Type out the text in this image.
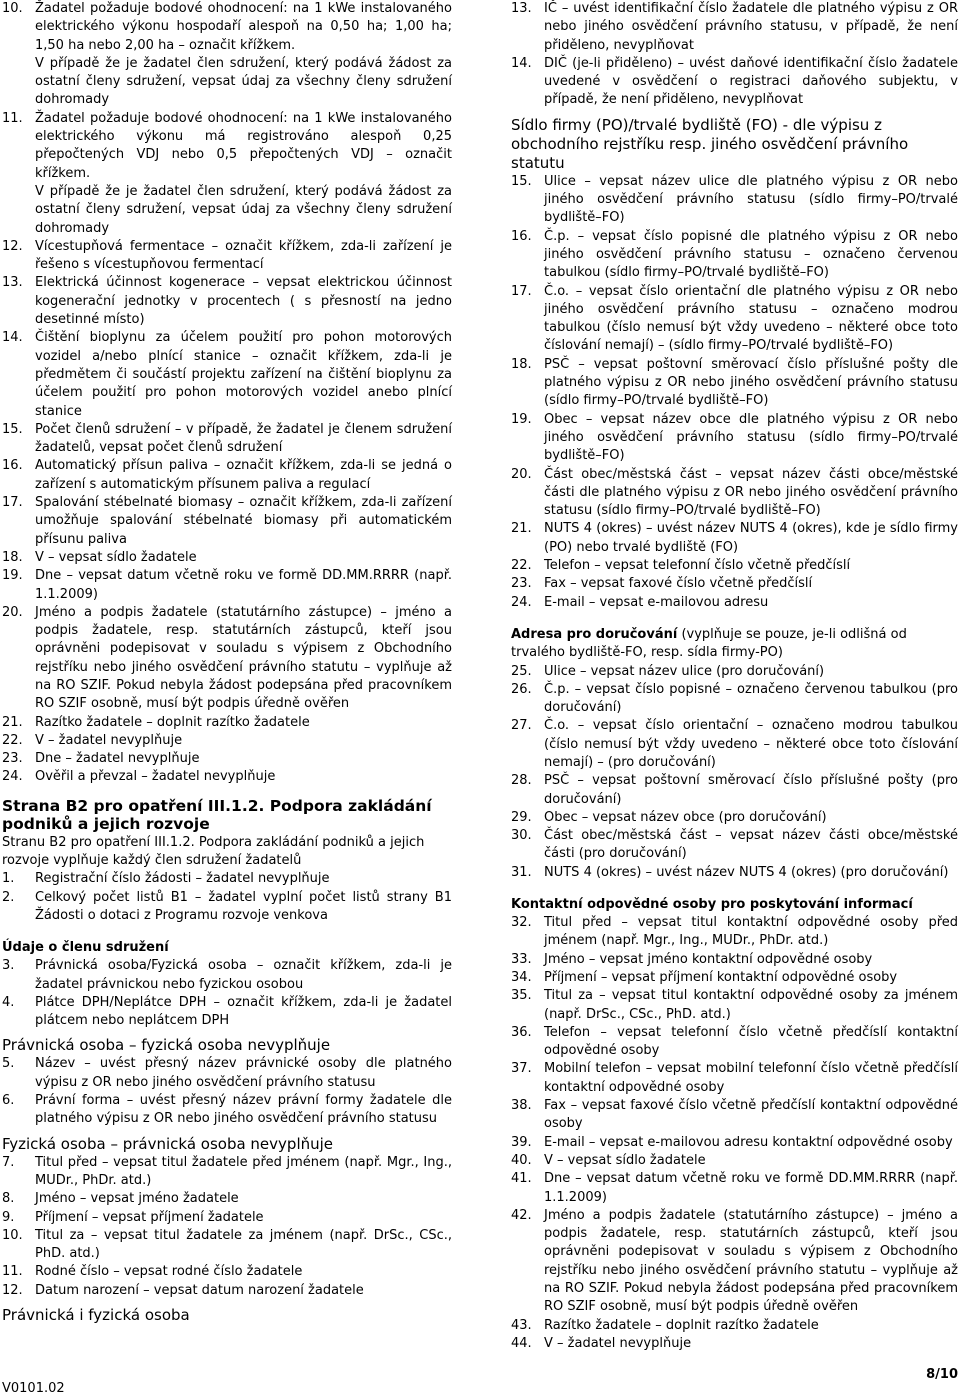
10. Žadatel požaduje bodové ohodnocení: na 1 kWe instalovaného elektrického výkonu hospodaří alespoň na 0,50 ha; 1,00 ha; 1,50 ha nebo 2,00 ha – označit křížkem.

V případě že je žadatel člen sdružení, který podává žádost za ostatní členy sdružení, vepsat údaj za všechny členy sdružení dohromady

11. Žadatel požaduje bodové ohodnocení: na 1 kWe instalovaného elektrického výkonu má registrováno alespoň 0,25 přepočtených VDJ nebo 0,5 přepočtených VDJ – označit křížkem.

V případě že je žadatel člen sdružení, který podává žádost za ostatní členy sdružení, vepsat údaj za všechny členy sdružení dohromady

12. Vícestupňová fermentace – označit křížkem, zda-li zařízení je řešeno s vícestupňovou fermentací

13. Elektrická účinnost kogenerace – vepsat elektrickou účinnost kogenerační jednotky v procentech ( s přesností na jedno desetinné místo)

14. Čištění bioplynu za účelem použití pro pohon motorových vozidel a/nebo plnící stanice – označit křížkem, zda-li je předmětem či součástí projektu zařízení na čištění bioplynu za účelem použití pro pohon motorových vozidel anebo plnící stanice

15. Počet členů sdružení – v případě, že žadatel je členem sdružení žadatelů, vepsat počet členů sdružení

16. Automatický přísun paliva – označit křížkem, zda-li se jedná o zařízení s automatickým přísunem paliva a regulací

17. Spalování stébelnaté biomasy – označit křížkem, zda-li zařízení umožňuje spalování stébelnaté biomasy při automatickém přísunu paliva

18. V – vepsat sídlo žadatele

19. Dne – vepsat datum včetně roku ve formě DD.MM.RRRR (např. 1.1.2009)

20. Jméno a podpis žadatele (statutárního zástupce) – jméno a podpis žadatele, resp. statutárních zástupců, kteří jsou oprávněni podepisovat v souladu s výpisem z Obchodního rejstříku nebo jiného osvědčení právního statutu – vyplňuje až na RO SZIF. Pokud nebyla žádost podepsána před pracovníkem RO SZIF osobně, musí být podpis úředně ověřen

21. Razítko žadatele – doplnit razítko žadatele

22. V – žadatel nevyplňuje

23. Dne – žadatel nevyplňuje

24. Ověřil a převzal – žadatel nevyplňuje

Strana B2 pro opatření III.1.2. Podpora zakládání podniků a jejich rozvoje

Stranu B2 pro opatření III.1.2. Podpora zakládání podniků a jejich rozvoje vyplňuje každý člen sdružení žadatelů

1. Registrační číslo žádosti – žadatel nevyplňuje

2. Celkový počet listů B1 – žadatel vyplní počet listů strany B1 Žádosti o dotaci z Programu rozvoje venkova

Údaje o členu sdružení

3. Právnická osoba/Fyzická osoba – označit křížkem, zda-li je žadatel právnickou nebo fyzickou osobou

4. Plátce DPH/Neplátce DPH – označit křížkem, zda-li je žadatel plátcem nebo neplátcem DPH

Právnická osoba – fyzická osoba nevyplňuje

5. Název – uvést přesný název právnické osoby dle platného výpisu z OR nebo jiného osvědčení právního statusu

6. Právní forma – uvést přesný název právní formy žadatele dle platného výpisu z OR nebo jiného osvědčení právního statusu

Fyzická osoba – právnická osoba nevyplňuje

7. Titul před – vepsat titul žadatele před jménem (např. Mgr., Ing., MUDr., PhDr. atd.)

8. Jméno – vepsat jméno žadatele

9. Příjmení – vepsat příjmení žadatele

10. Titul za – vepsat titul žadatele za jménem (např. DrSc., CSc., PhD. atd.)

11. Rodné číslo – vepsat rodné číslo žadatele

12. Datum narození – vepsat datum narození žadatele

Právnická i fyzická osoba

13. IČ – uvést identifikační číslo žadatele dle platného výpisu z OR nebo jiného osvědčení právního statusu, v případě, že není přiděleno, nevyplňovat

14. DIČ (je-li přiděleno) – uvést daňové identifikační číslo žadatele uvedené v osvědčení o registraci daňového subjektu, v případě, že není přiděleno, nevyplňovat

Sídlo firmy (PO)/trvalé bydliště (FO) - dle výpisu z obchodního rejstříku resp. jiného osvědčení právního statutu

15. Ulice – vepsat název ulice dle platného výpisu z OR nebo jiného osvědčení právního statusu (sídlo firmy–PO/trvalé bydliště–FO)

16. Č.p. – vepsat číslo popisné dle platného výpisu z OR nebo jiného osvědčení právního statusu – označeno červenou tabulkou (sídlo firmy–PO/trvalé bydliště–FO)

17. Č.o. – vepsat číslo orientační dle platného výpisu z OR nebo jiného osvědčení právního statusu – označeno modrou tabulkou (číslo nemusí být vždy uvedeno – některé obce toto číslování nemají) – (sídlo firmy–PO/trvalé bydliště–FO)

18. PSČ – vepsat poštovní směrovací číslo příslušné pošty dle platného výpisu z OR nebo jiného osvědčení právního statusu (sídlo firmy–PO/trvalé bydliště–FO)

19. Obec – vepsat název obce dle platného výpisu z OR nebo jiného osvědčení právního statusu (sídlo firmy–PO/trvalé bydliště–FO)

20. Část obec/městská část – vepsat název části obce/městské části dle platného výpisu z OR nebo jiného osvědčení právního statusu (sídlo firmy–PO/trvalé bydliště–FO)

21. NUTS 4 (okres) – uvést název NUTS 4 (okres), kde je sídlo firmy (PO) nebo trvalé bydliště (FO)

22. Telefon – vepsat telefonní číslo včetně předčíslí

23. Fax – vepsat faxové číslo včetně předčíslí

24. E-mail – vepsat e-mailovou adresu

Adresa pro doručování (vyplňuje se pouze, je-li odlišná od trvalého bydliště-FO, resp. sídla firmy-PO)

25. Ulice – vepsat název ulice (pro doručování)

26. Č.p. – vepsat číslo popisné – označeno červenou tabulkou (pro doručování)

27. Č.o. – vepsat číslo orientační – označeno modrou tabulkou (číslo nemusí být vždy uvedeno – některé obce toto číslování nemají) – (pro doručování)

28. PSČ – vepsat poštovní směrovací číslo příslušné pošty (pro doručování)

29. Obec – vepsat název obce (pro doručování)

30. Část obec/městská část – vepsat název části obce/městské části (pro doručování)

31. NUTS 4 (okres) – uvést název NUTS 4 (okres) (pro doručování)

Kontaktní odpovědné osoby pro poskytování informací

32. Titul před – vepsat titul kontaktní odpovědné osoby před jménem (např. Mgr., Ing., MUDr., PhDr. atd.)

33. Jméno – vepsat jméno kontaktní odpovědné osoby

34. Příjmení – vepsat příjmení kontaktní odpovědné osoby

35. Titul za – vepsat titul kontaktní odpovědné osoby za jménem (např. DrSc., CSc., PhD. atd.)

36. Telefon – vepsat telefonní číslo včetně předčíslí kontaktní odpovědné osoby

37. Mobilní telefon – vepsat mobilní telefonní číslo včetně předčíslí kontaktní odpovědné osoby

38. Fax – vepsat faxové číslo včetně předčíslí kontaktní odpovědné osoby

39. E-mail – vepsat e-mailovou adresu kontaktní odpovědné osoby

40. V – vepsat sídlo žadatele

41. Dne – vepsat datum včetně roku ve formě DD.MM.RRRR (např. 1.1.2009)

42. Jméno a podpis žadatele (statutárního zástupce) – jméno a podpis žadatele, resp. statutárních zástupců, kteří jsou oprávněni podepisovat v souladu s výpisem z Obchodního rejstříku nebo jiného osvědčení právního statutu – vyplňuje až na RO SZIF. Pokud nebyla žádost podepsána před pracovníkem RO SZIF osobně, musí být podpis úředně ověřen

43. Razítko žadatele – doplnit razítko žadatele

44. V – žadatel nevyplňuje

V0101.02
8/10
